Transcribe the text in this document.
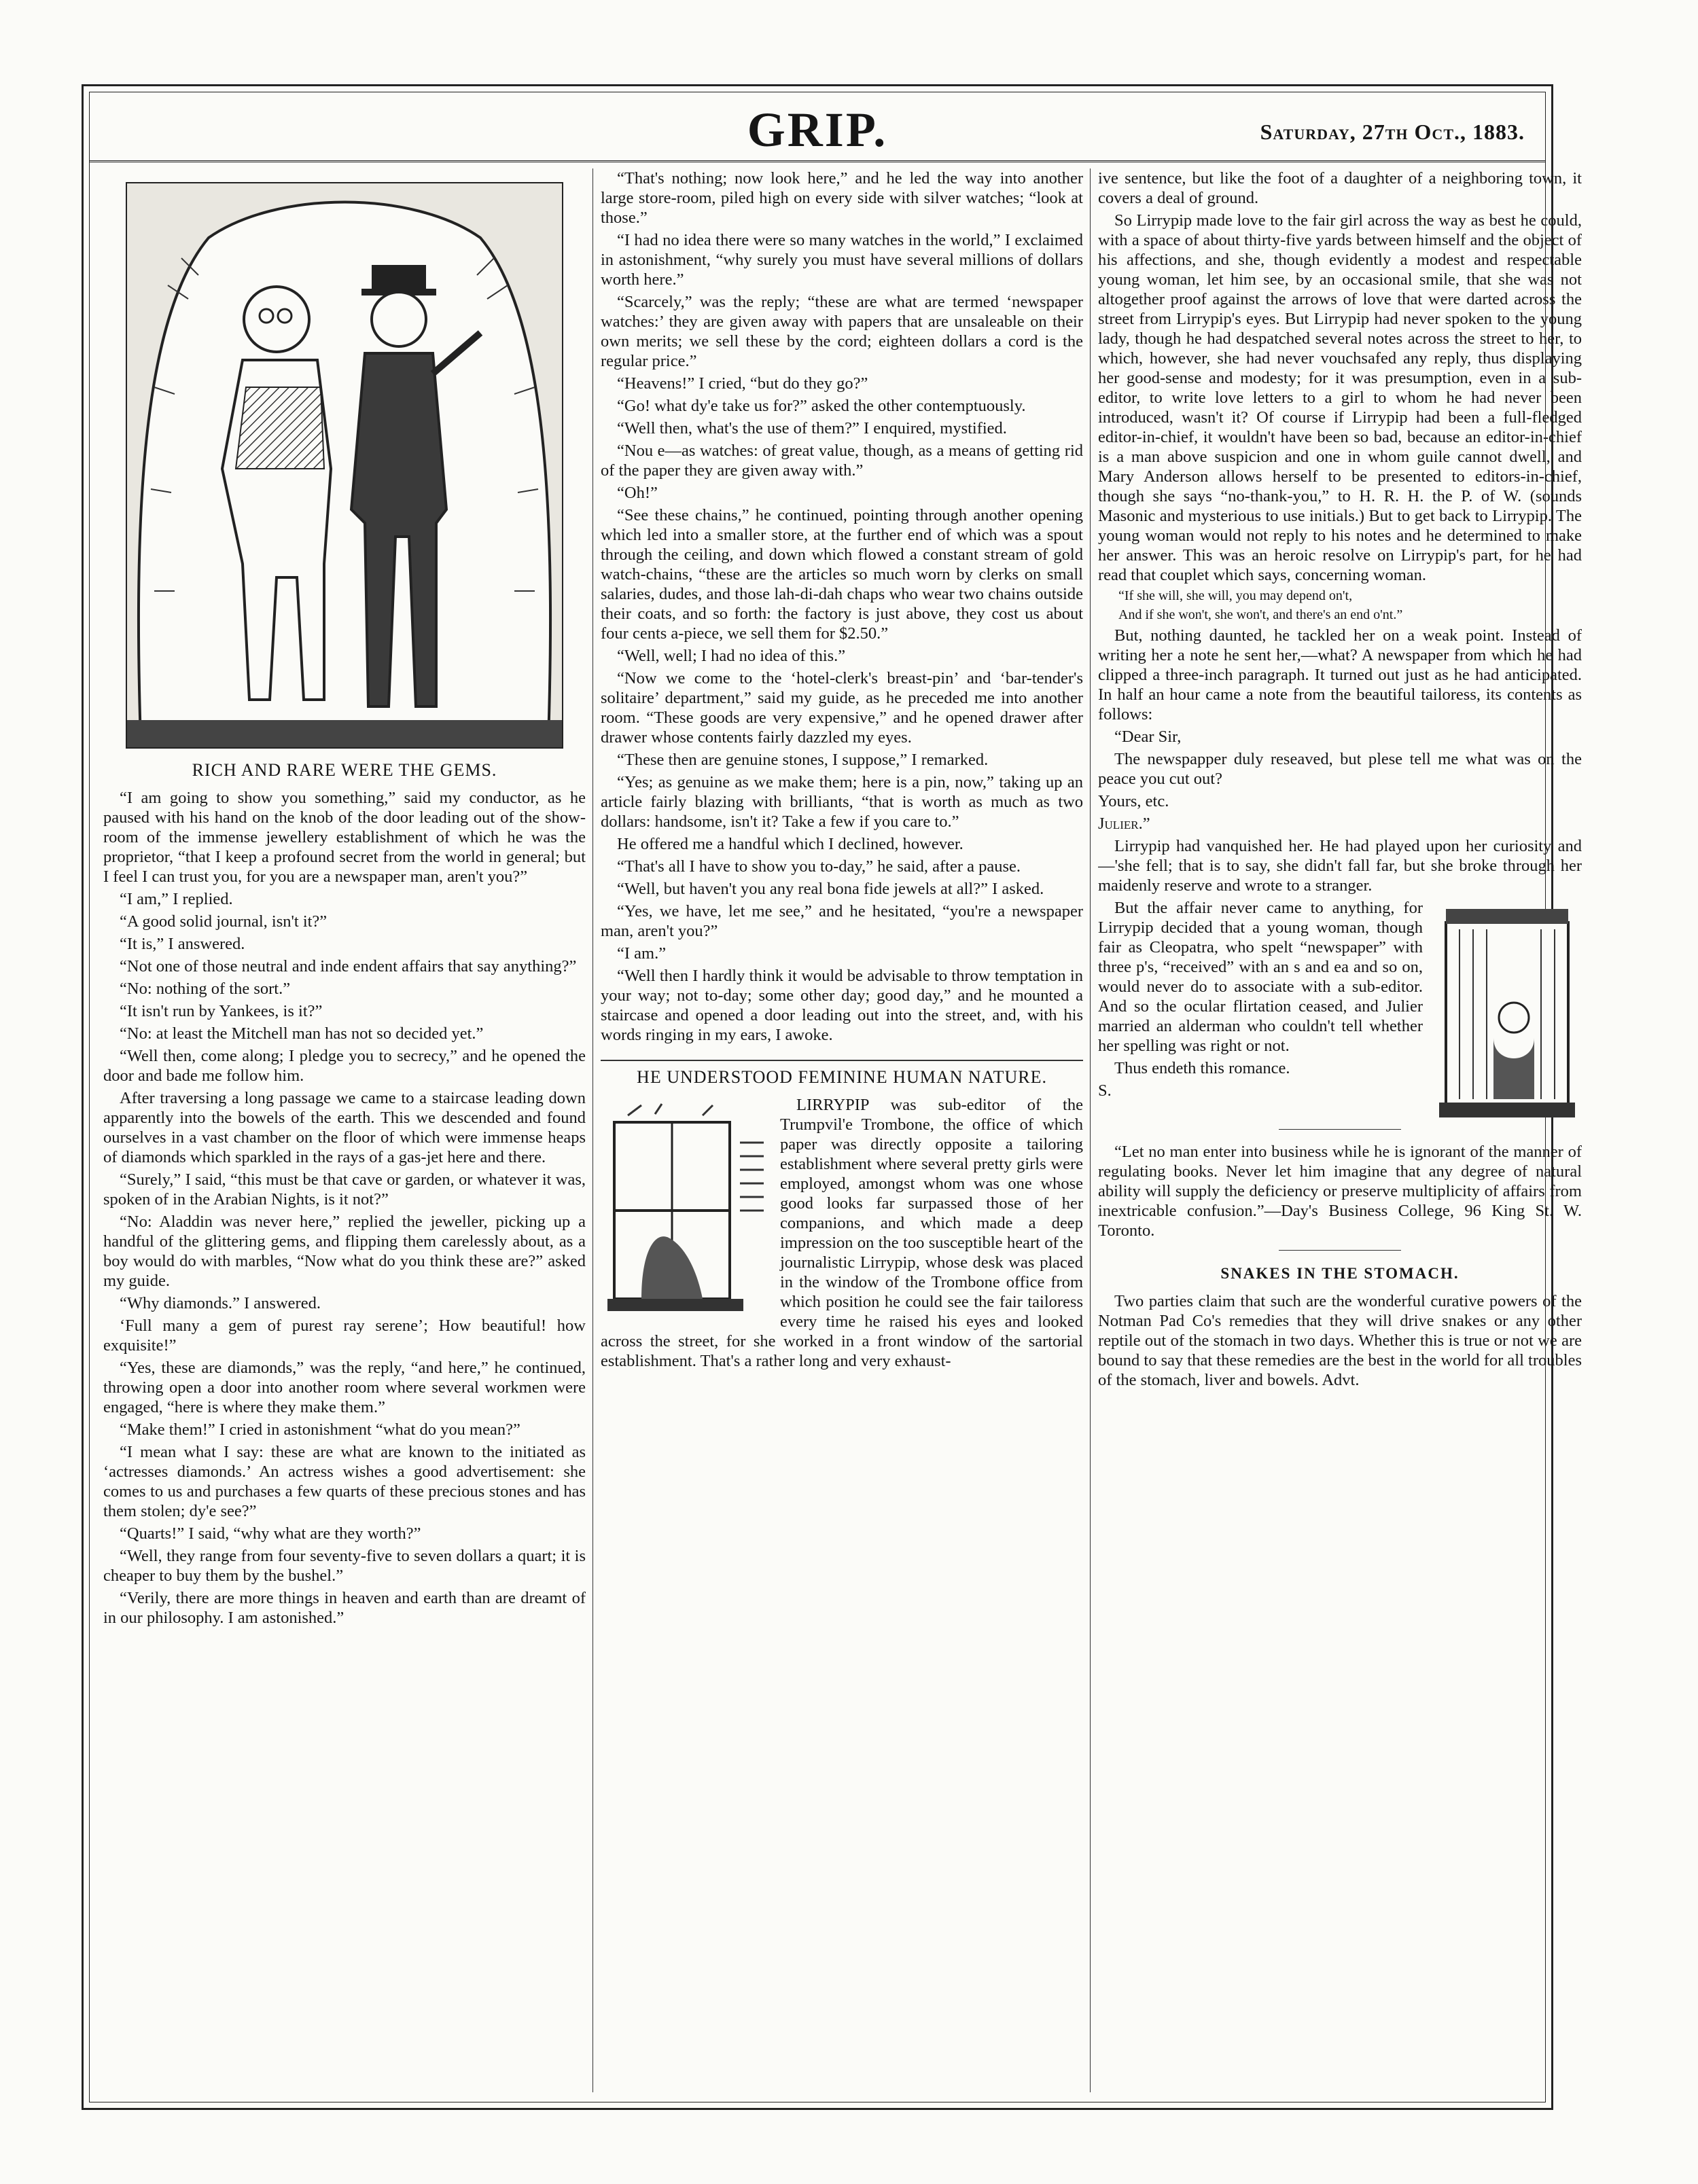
GRIP.	Saturday, 27th Oct., 1883.
RICH AND RARE WERE THE GEMS.

“I am going to show you something,” said my conductor, as he paused with his hand on the knob of the door leading out of the show-room of the immense jewellery establishment of which he was the proprietor, “that I keep a profound secret from the world in general; but I feel I can trust you, for you are a newspaper man, aren't you?”

“I am,” I replied.

“A good solid journal, isn't it?”

“It is,” I answered.

“Not one of those neutral and inde endent affairs that say anything?”

“No: nothing of the sort.”

“It isn't run by Yankees, is it?”

“No: at least the Mitchell man has not so decided yet.”

“Well then, come along; I pledge you to secrecy,” and he opened the door and bade me follow him.

After traversing a long passage we came to a staircase leading down apparently into the bowels of the earth. This we descended and found ourselves in a vast chamber on the floor of which were immense heaps of diamonds which sparkled in the rays of a gas-jet here and there.

“Surely,” I said, “this must be that cave or garden, or whatever it was, spoken of in the Arabian Nights, is it not?”

“No: Aladdin was never here,” replied the jeweller, picking up a handful of the glittering gems, and flipping them carelessly about, as a boy would do with marbles, “Now what do you think these are?” asked my guide.

“Why diamonds.” I answered.

‘Full many a gem of purest ray serene’; How beautiful! how exquisite!”

“Yes, these are diamonds,” was the reply, “and here,” he continued, throwing open a door into another room where several workmen were engaged, “here is where they make them.”

“Make them!” I cried in astonishment “what do you mean?”

“I mean what I say: these are what are known to the initiated as ‘actresses diamonds.’ An actress wishes a good advertisement: she comes to us and purchases a few quarts of these precious stones and has them stolen; dy'e see?”

“Quarts!” I said, “why what are they worth?”

“Well, they range from four seventy-five to seven dollars a quart; it is cheaper to buy them by the bushel.”

“Verily, there are more things in heaven and earth than are dreamt of in our philosophy. I am astonished.”

“That's nothing; now look here,” and he led the way into another large store-room, piled high on every side with silver watches; “look at those.”

“I had no idea there were so many watches in the world,” I exclaimed in astonishment, “why surely you must have several millions of dollars worth here.”

“Scarcely,” was the reply; “these are what are termed ‘newspaper watches:’ they are given away with papers that are unsaleable on their own merits; we sell these by the cord; eighteen dollars a cord is the regular price.”

“Heavens!” I cried, “but do they go?”

“Go! what dy'e take us for?” asked the other contemptuously.

“Well then, what's the use of them?” I enquired, mystified.

“Nou e—as watches: of great value, though, as a means of getting rid of the paper they are given away with.”

“Oh!”

“See these chains,” he continued, pointing through another opening which led into a smaller store, at the further end of which was a spout through the ceiling, and down which flowed a constant stream of gold watch-chains, “these are the articles so much worn by clerks on small salaries, dudes, and those lah-di-dah chaps who wear two chains outside their coats, and so forth: the factory is just above, they cost us about four cents a-piece, we sell them for $2.50.”

“Well, well; I had no idea of this.”

“Now we come to the ‘hotel-clerk's breast-pin’ and ‘bar-tender's solitaire’ department,” said my guide, as he preceded me into another room. “These goods are very expensive,” and he opened drawer after drawer whose contents fairly dazzled my eyes.

“These then are genuine stones, I suppose,” I remarked.

“Yes; as genuine as we make them; here is a pin, now,” taking up an article fairly blazing with brilliants, “that is worth as much as two dollars: handsome, isn't it? Take a few if you care to.”

He offered me a handful which I declined, however.

“That's all I have to show you to-day,” he said, after a pause.

“Well, but haven't you any real bona fide jewels at all?” I asked.

“Yes, we have, let me see,” and he hesitated, “you're a newspaper man, aren't you?”

“I am.”

“Well then I hardly think it would be advisable to throw temptation in your way; not to-day; some other day; good day,” and he mounted a staircase and opened a door leading out into the street, and, with his words ringing in my ears, I awoke.

HE UNDERSTOOD FEMININE HUMAN NATURE.

LIRRYPIP was sub-editor of the Trumpvil'e Trombone, the office of which paper was directly opposite a tailoring establishment where several pretty girls were employed, amongst whom was one whose good looks far surpassed those of her companions, and which made a deep impression on the too susceptible heart of the journalistic Lirrypip, whose desk was placed in the window of the Trombone office from which position he could see the fair tailoress every time he raised his eyes and looked across the street, for she worked in a front window of the sartorial establishment. That's a rather long and very exhaust-

ive sentence, but like the foot of a daughter of a neighboring town, it covers a deal of ground.

So Lirrypip made love to the fair girl across the way as best he could, with a space of about thirty-five yards between himself and the object of his affections, and she, though evidently a modest and respectable young woman, let him see, by an occasional smile, that she was not altogether proof against the arrows of love that were darted across the street from Lirrypip's eyes. But Lirrypip had never spoken to the young lady, though he had despatched several notes across the street to her, to which, however, she had never vouchsafed any reply, thus displaying her good-sense and modesty; for it was presumption, even in a sub-editor, to write love letters to a girl to whom he had never been introduced, wasn't it? Of course if Lirrypip had been a full-fledged editor-in-chief, it wouldn't have been so bad, because an editor-in-chief is a man above suspicion and one in whom guile cannot dwell, and Mary Anderson allows herself to be presented to editors-in-chief, though she says “no-thank-you,” to H. R. H. the P. of W. (sounds Masonic and mysterious to use initials.) But to get back to Lirrypip. The young woman would not reply to his notes and he determined to make her answer. This was an heroic resolve on Lirrypip's part, for he had read that couplet which says, concerning woman.

“If she will, she will, you may depend on't,

And if she won't, she won't, and there's an end o'nt.”

But, nothing daunted, he tackled her on a weak point. Instead of writing her a note he sent her,—what? A newspaper from which he had clipped a three-inch paragraph. It turned out just as he had anticipated. In half an hour came a note from the beautiful tailoress, its contents as follows:

“Dear Sir,

The newspapper duly reseaved, but plese tell me what was on the peace you cut out?

Yours, etc.

Julier.”

Lirrypip had vanquished her. He had played upon her curiosity and—'she fell; that is to say, she didn't fall far, but she broke through her maidenly reserve and wrote to a stranger.

But the affair never came to anything, for Lirrypip decided that a young woman, though fair as Cleopatra, who spelt “newspaper” with three p's, “received” with an s and ea and so on, would never do to associate with a sub-editor. And so the ocular flirtation ceased, and Julier married an alderman who couldn't tell whether her spelling was right or not.

Thus endeth this romance.

S.

“Let no man enter into business while he is ignorant of the manner of regulating books. Never let him imagine that any degree of natural ability will supply the deficiency or preserve multiplicity of affairs from inextricable confusion.”—Day's Business College, 96 King St. W. Toronto.

SNAKES IN THE STOMACH.

Two parties claim that such are the wonderful curative powers of the Notman Pad Co's remedies that they will drive snakes or any other reptile out of the stomach in two days. Whether this is true or not we are bound to say that these remedies are the best in the world for all troubles of the stomach, liver and bowels. Advt.
